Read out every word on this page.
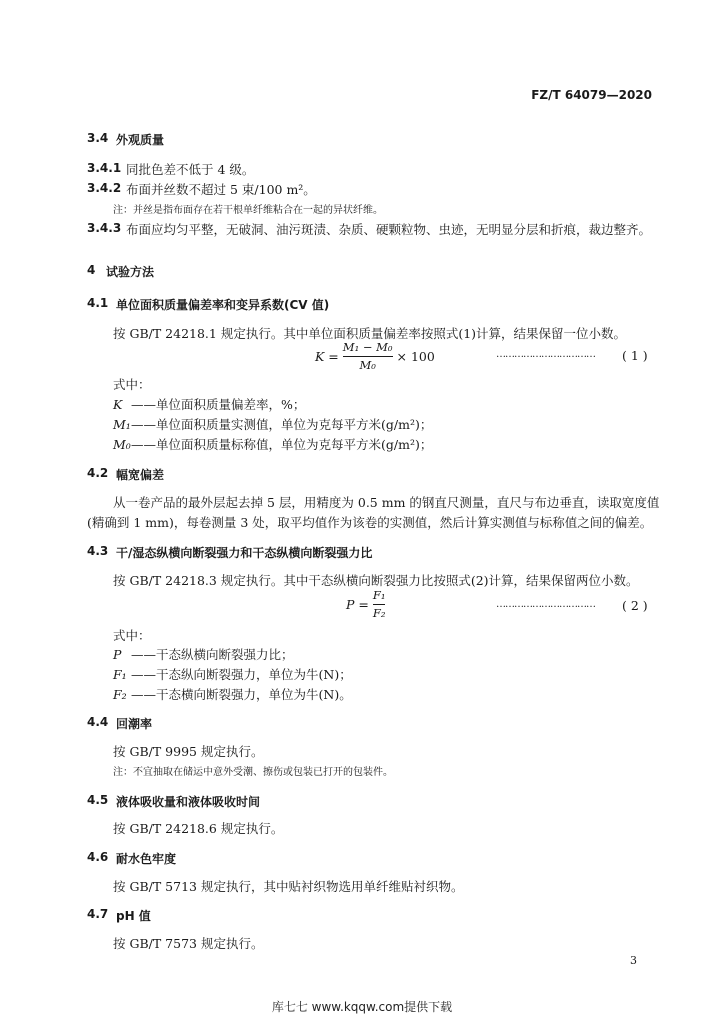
FZ/T 64079—2020
3.4 外观质量
3.4.1 同批色差不低于 4 级。
3.4.2 布面并丝数不超过 5 束/100 m²。
注：并丝是指布面存在若干根单纤维粘合在一起的异状纤维。
3.4.3 布面应均匀平整，无破洞、油污斑渍、杂质、硬颗粒物、虫迹，无明显分层和折痕，裁边整齐。
4 试验方法
4.1 单位面积质量偏差率和变异系数(CV 值)
按 GB/T 24218.1 规定执行。其中单位面积质量偏差率按照式(1)计算，结果保留一位小数。
$K = \frac{\text{M₁ − M₀}}{\text{M₀}} \times 100$	…………………………… ( 1 )
式中：
K ——单位面积质量偏差率，%；
M₁——单位面积质量实测值，单位为克每平方米(g/m²)；
M₀——单位面积质量标称值，单位为克每平方米(g/m²)；
4.2 幅宽偏差
从一卷产品的最外层起去掉 5 层，用精度为 0.5 mm 的钢直尺测量，直尺与布边垂直，读取宽度值
(精确到 1 mm)，每卷测量 3 处，取平均值作为该卷的实测值，然后计算实测值与标称值之间的偏差。
4.3 干/湿态纵横向断裂强力和干态纵横向断裂强力比
按 GB/T 24218.3 规定执行。其中干态纵横向断裂强力比按照式(2)计算，结果保留两位小数。
$P = \frac{\text{F₁}}{\text{F₂}}$	…………………………… ( 2 )
式中：
P ——干态纵横向断裂强力比；
F₁ ——干态纵向断裂强力，单位为牛(N)；
F₂ ——干态横向断裂强力，单位为牛(N)。
4.4 回潮率
按 GB/T 9995 规定执行。
注：不宜抽取在储运中意外受潮、擦伤或包装已打开的包装件。
4.5 液体吸收量和液体吸收时间
按 GB/T 24218.6 规定执行。
4.6 耐水色牢度
按 GB/T 5713 规定执行，其中贴衬织物选用单纤维贴衬织物。
4.7 pH 值
按 GB/T 7573 规定执行。
3
库七七 www.kqqw.com提供下载
